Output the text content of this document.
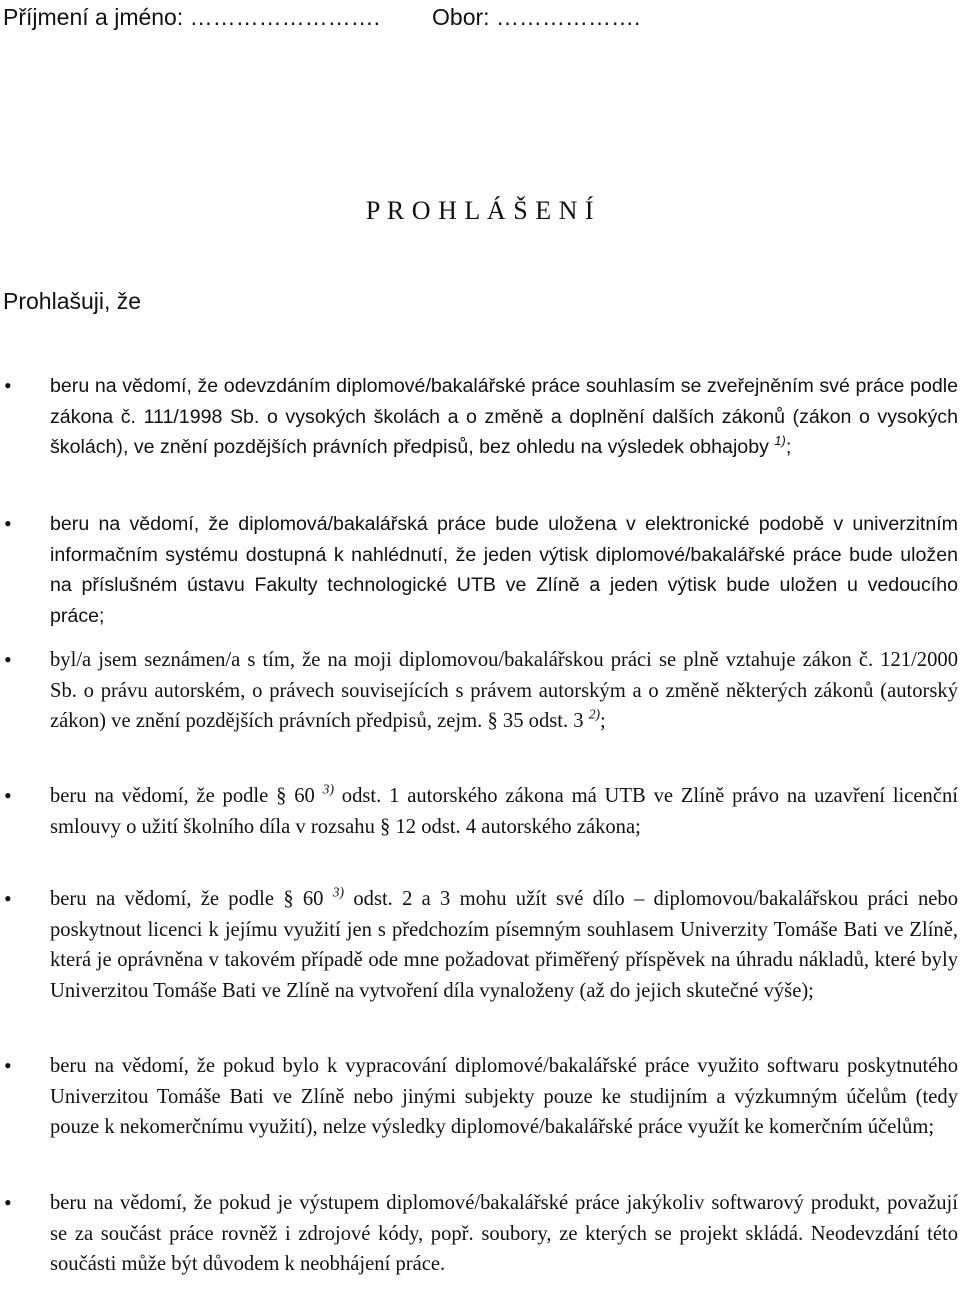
Příjmení a jméno: ……………………. Obor: ……………….
P R O H L Á Š E N Í
Prohlašuji, že
• beru na vědomí, že odevzdáním diplomové/bakalářské práce souhlasím se zveřejněním své práce podle zákona č. 111/1998 Sb. o vysokých školách a o změně a doplnění dalších zákonů (zákon o vysokých školách), ve znění pozdějších právních předpisů, bez ohledu na výsledek obhajoby $^{1)}$;
• beru na vědomí, že diplomová/bakalářská práce bude uložena v elektronické podobě v univerzitním informačním systému dostupná k nahlédnutí, že jeden výtisk diplomové/bakalářské práce bude uložen na příslušném ústavu Fakulty technologické UTB ve Zlíně a jeden výtisk bude uložen u vedoucího práce;
• byl/a jsem seznámen/a s tím, že na moji diplomovou/bakalářskou práci se plně vztahuje zákon č. 121/2000 Sb. o právu autorském, o právech souvisejících s právem autorským a o změně některých zákonů (autorský zákon) ve znění pozdějších právních předpisů, zejm. § 35 odst. 3 $^{2)}$;
• beru na vědomí, že podle § 60 $^{3)}$ odst. 1 autorského zákona má UTB ve Zlíně právo na uzavření licenční smlouvy o užití školního díla v rozsahu § 12 odst. 4 autorského zákona;
• beru na vědomí, že podle § 60 $^{3)}$ odst. 2 a 3 mohu užít své dílo – diplomovou/bakalářskou práci nebo poskytnout licenci k jejímu využití jen s předchozím písemným souhlasem Univerzity Tomáše Bati ve Zlíně, která je oprávněna v takovém případě ode mne požadovat přiměřený příspěvek na úhradu nákladů, které byly Univerzitou Tomáše Bati ve Zlíně na vytvoření díla vynaloženy (až do jejich skutečné výše);
• beru na vědomí, že pokud bylo k vypracování diplomové/bakalářské práce využito softwaru poskytnutého Univerzitou Tomáše Bati ve Zlíně nebo jinými subjekty pouze ke studijním a výzkumným účelům (tedy pouze k nekomerčnímu využití), nelze výsledky diplomové/bakalářské práce využít ke komerčním účelům;
• beru na vědomí, že pokud je výstupem diplomové/bakalářské práce jakýkoliv softwarový produkt, považují se za součást práce rovněž i zdrojové kódy, popř. soubory, ze kterých se projekt skládá. Neodevzdání této součásti může být důvodem k neobhájení práce.
